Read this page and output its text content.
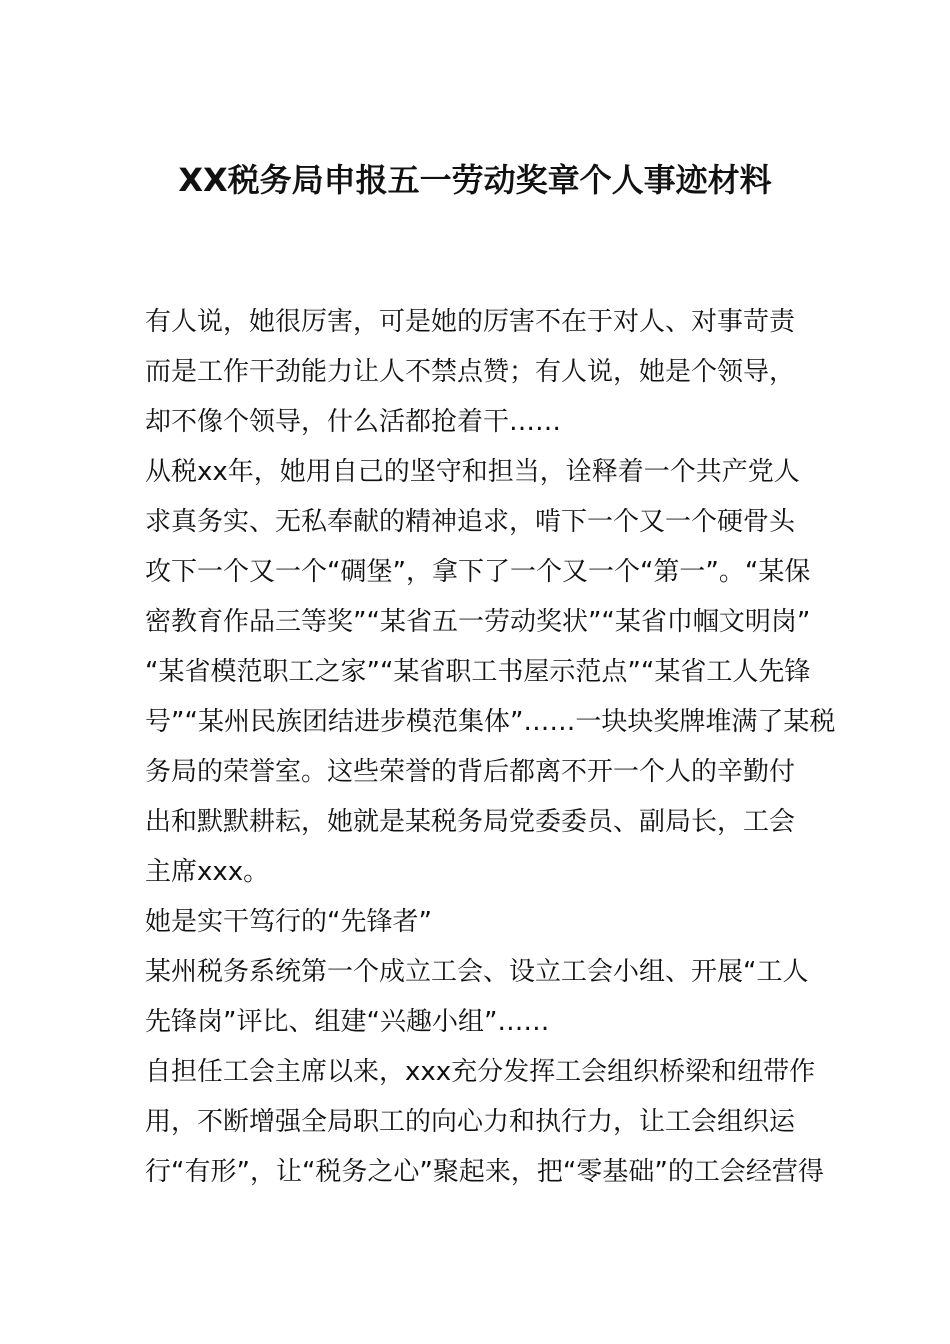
XX税务局申报五一劳动奖章个人事迹材料
有人说，她很厉害，可是她的厉害不在于对人、对事苛责
而是工作干劲能力让人不禁点赞；有人说，她是个领导，
却不像个领导，什么活都抢着干……
从税xx年，她用自己的坚守和担当，诠释着一个共产党人
求真务实、无私奉献的精神追求，啃下一个又一个硬骨头
攻下一个又一个“碉堡”，拿下了一个又一个“第一”。“某保
密教育作品三等奖”“某省五一劳动奖状”“某省巾帼文明岗”
“某省模范职工之家”“某省职工书屋示范点”“某省工人先锋
号”“某州民族团结进步模范集体”……一块块奖牌堆满了某税
务局的荣誉室。这些荣誉的背后都离不开一个人的辛勤付
出和默默耕耘，她就是某税务局党委委员、副局长，工会
主席xxx。
她是实干笃行的“先锋者”
某州税务系统第一个成立工会、设立工会小组、开展“工人
先锋岗”评比、组建“兴趣小组”……
自担任工会主席以来，xxx充分发挥工会组织桥梁和纽带作
用，不断增强全局职工的向心力和执行力，让工会组织运
行“有形”，让“税务之心”聚起来，把“零基础”的工会经营得
